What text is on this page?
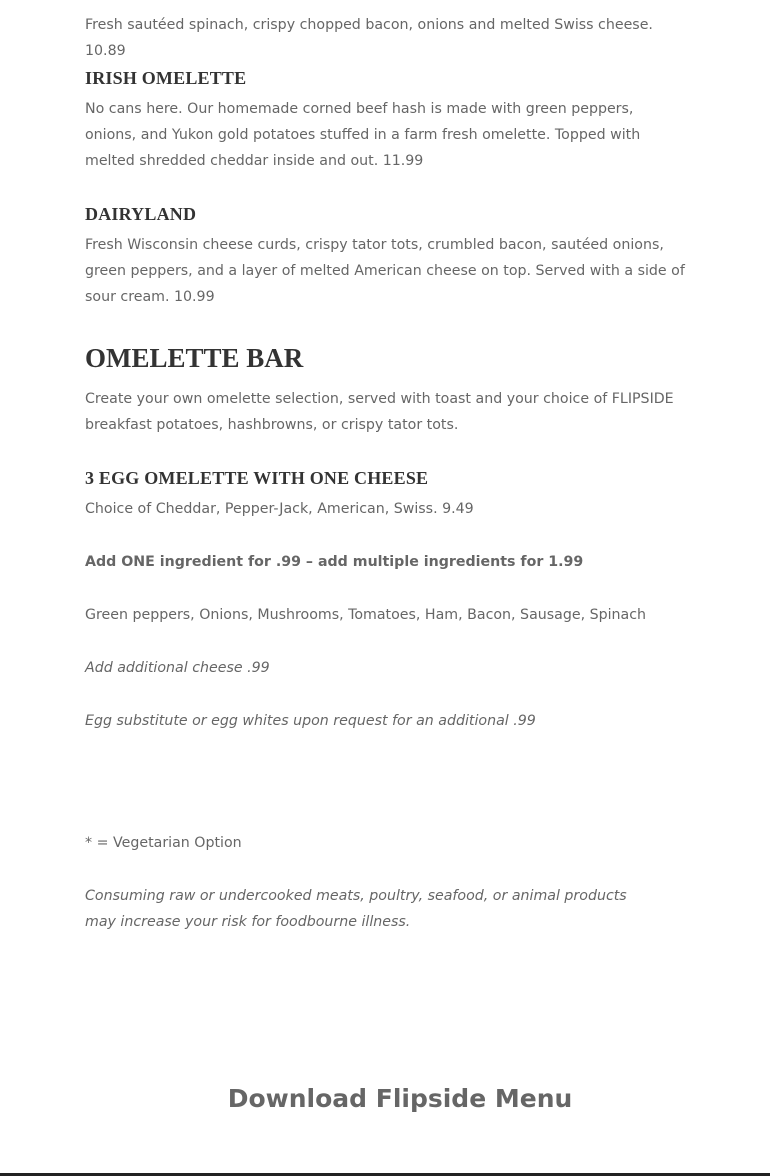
Fresh sautéed spinach, crispy chopped bacon, onions and melted Swiss cheese. 10.89

IRISH OMELETTE

No cans here. Our homemade corned beef hash is made with green peppers, onions, and Yukon gold potatoes stuffed in a farm fresh omelette. Topped with melted shredded cheddar inside and out. 11.99

DAIRYLAND

Fresh Wisconsin cheese curds, crispy tator tots, crumbled bacon, sautéed onions, green peppers, and a layer of melted American cheese on top. Served with a side of sour cream. 10.99

OMELETTE BAR

Create your own omelette selection, served with toast and your choice of FLIPSIDE breakfast potatoes, hashbrowns, or crispy tator tots.

3 EGG OMELETTE WITH ONE CHEESE

Choice of Cheddar, Pepper-Jack, American, Swiss. 9.49

Add ONE ingredient for .99 – add multiple ingredients for 1.99

Green peppers, Onions, Mushrooms, Tomatoes, Ham, Bacon, Sausage, Spinach

Add additional cheese .99

Egg substitute or egg whites upon request for an additional .99

* = Vegetarian Option

Consuming raw or undercooked meats, poultry, seafood, or animal products may increase your risk for foodbourne illness.

Download Flipside Menu
